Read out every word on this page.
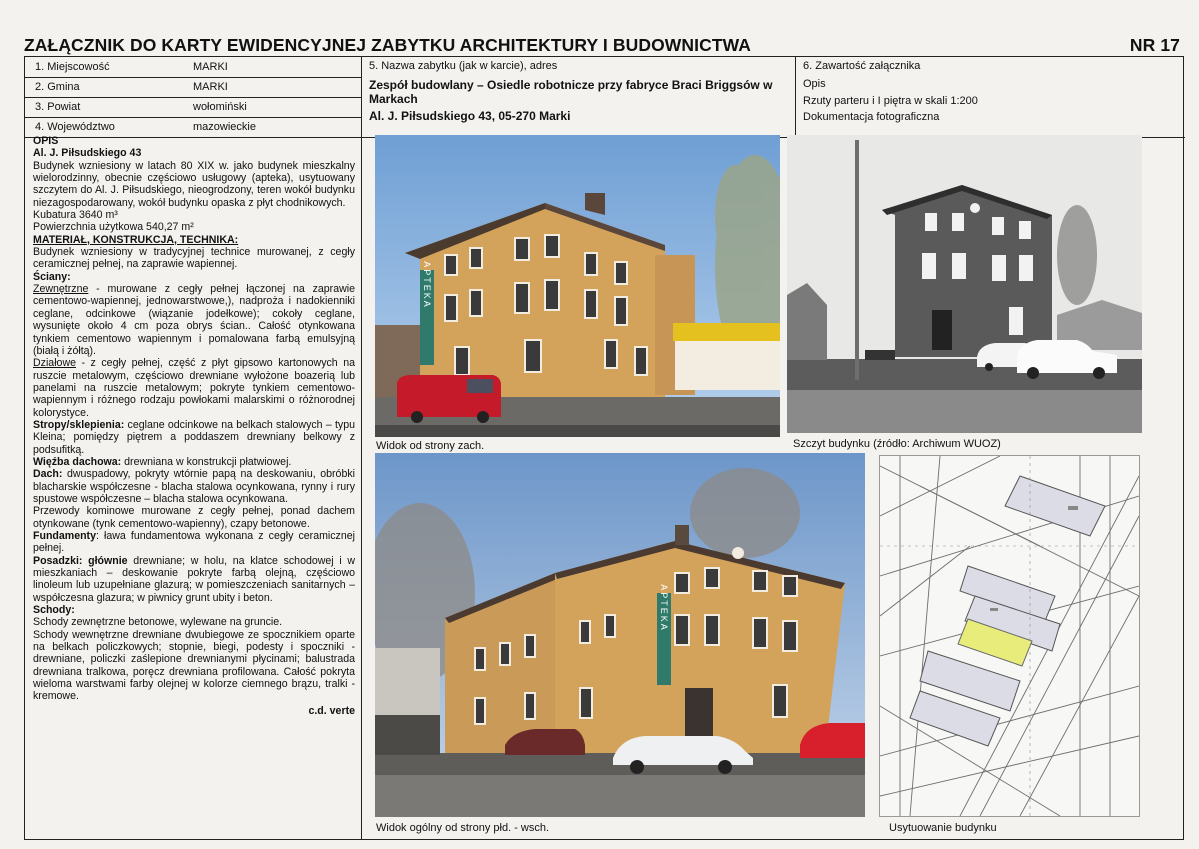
ZAŁĄCZNIK DO KARTY EWIDENCYJNEJ ZABYTKU ARCHITEKTURY I BUDOWNICTWA	NR 17
1. Miejscowość	MARKI
2. Gmina	MARKI
3. Powiat	wołomiński
4. Województwo	mazowieckie
5. Nazwa zabytku (jak w karcie), adres
Zespół budowlany – Osiedle robotnicze przy fabryce Braci Briggsów w Markach
Al. J. Piłsudskiego 43, 05-270 Marki
6. Zawartość załącznika
Opis
Rzuty parteru i I piętra w skali 1:200
Dokumentacja fotograficzna

OPIS

Al. J. Piłsudskiego 43

Budynek wzniesiony w latach 80 XIX w. jako budynek mieszkalny wielorodzinny, obecnie częściowo usługowy (apteka), usytuowany szczytem do Al. J. Piłsudskiego, nieogrodzony, teren wokół budynku niezagospodarowany, wokół budynku opaska z płyt chodnikowych.

Kubatura 3640 m³

Powierzchnia użytkowa 540,27 m²

MATERIAŁ, KONSTRUKCJA, TECHNIKA:

Budynek wzniesiony w tradycyjnej technice murowanej, z cegły ceramicznej pełnej, na zaprawie wapiennej.

Ściany:

Zewnętrzne - murowane z cegły pełnej łączonej na zaprawie cementowo-wapiennej, jednowarstwowe,), nadproża i nadokienniki ceglane, odcinkowe (wiązanie jodełkowe); cokoły ceglane, wysunięte około 4 cm poza obrys ścian.. Całość otynkowana tynkiem cementowo wapiennym i pomalowana farbą emulsyjną (białą i żółtą).

Działowe - z cegły pełnej, część z płyt gipsowo kartonowych na ruszcie metalowym, częściowo drewniane wyłożone boazerią lub panelami na ruszcie metalowym; pokryte tynkiem cementowo-wapiennym i różnego rodzaju powłokami malarskimi o różnorodnej kolorystyce.

Stropy/sklepienia: ceglane odcinkowe na belkach stalowych – typu Kleina; pomiędzy piętrem a poddaszem drewniany belkowy z podsufitką.

Więźba dachowa: drewniana w konstrukcji płatwiowej.

Dach: dwuspadowy, pokryty wtórnie papą na deskowaniu, obróbki blacharskie współczesne - blacha stalowa ocynkowana, rynny i rury spustowe współczesne – blacha stalowa ocynkowana.

Przewody kominowe murowane z cegły pełnej, ponad dachem otynkowane (tynk cementowo-wapienny), czapy betonowe.

Fundamenty: ława fundamentowa wykonana z cegły ceramicznej pełnej.

Posadzki: głównie drewniane; w holu, na klatce schodowej i w mieszkaniach – deskowanie pokryte farbą olejną, częściowo linoleum lub uzupełniane glazurą; w pomieszczeniach sanitarnych – współczesna glazura; w piwnicy grunt ubity i beton.

Schody:

Schody zewnętrzne betonowe, wylewane na gruncie.

Schody wewnętrzne drewniane dwubiegowe ze spocznikiem oparte na belkach policzkowych; stopnie, biegi, podesty i spoczniki - drewniane, policzki zaślepione drewnianymi płycinami; balustrada drewniana tralkowa, poręcz drewniana profilowana. Całość pokryta wieloma warstwami farby olejnej w kolorze ciemnego brązu, tralki - kremowe.

c.d. verte

APTEKA
Widok od strony zach.	Szczyt budynku (źródło: Archiwum WUOZ)
APTEKA
Widok ogólny od strony płd. - wsch.	Usytuowanie budynku
